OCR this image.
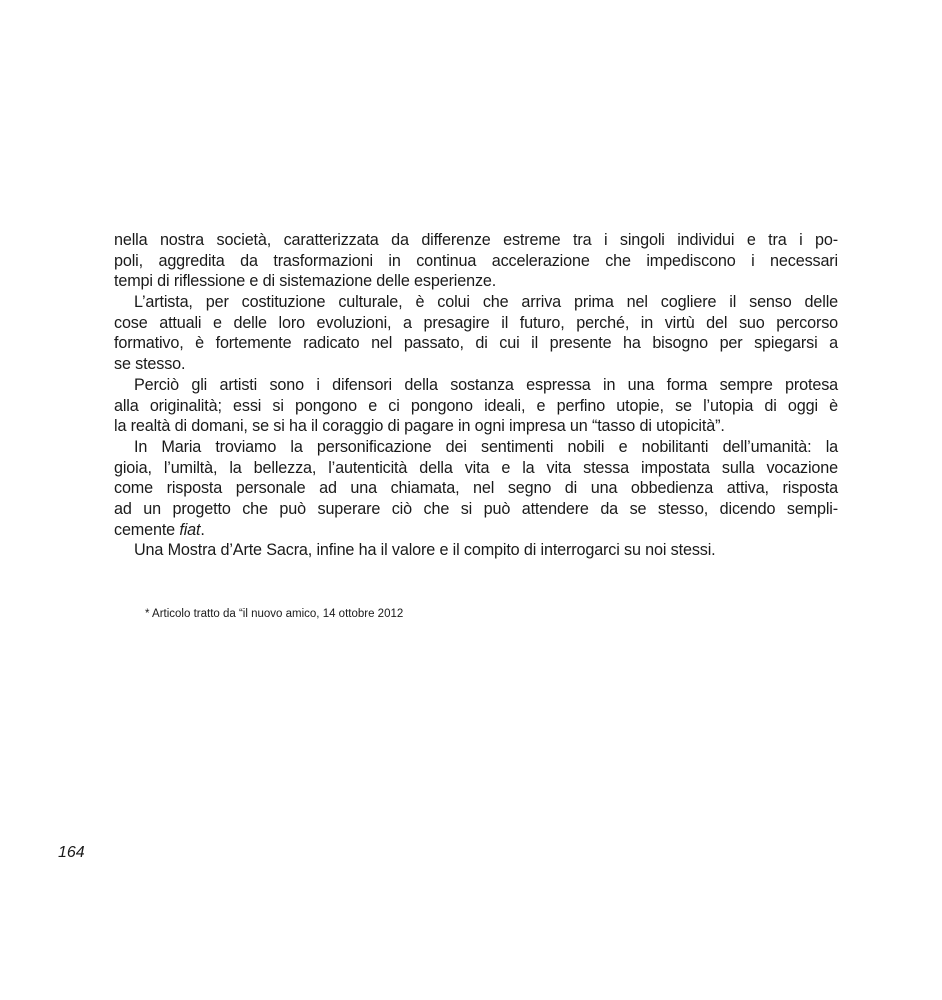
nella nostra società, caratterizzata da differenze estreme tra i singoli individui e tra i po-
poli, aggredita da trasformazioni in continua accelerazione che impediscono i necessari
tempi di riflessione e di sistemazione delle esperienze.
L’artista, per costituzione culturale, è colui che arriva prima nel cogliere il senso delle
cose attuali e delle loro evoluzioni, a presagire il futuro, perché, in virtù del suo percorso
formativo, è fortemente radicato nel passato, di cui il presente ha bisogno per spiegarsi a
se stesso.
Perciò gli artisti sono i difensori della sostanza espressa in una forma sempre protesa
alla originalità; essi si pongono e ci pongono ideali, e perfino utopie, se l’utopia di oggi è
la realtà di domani, se si ha il coraggio di pagare in ogni impresa un “tasso di utopicità”.
In Maria troviamo la personificazione dei sentimenti nobili e nobilitanti dell’umanità: la
gioia, l’umiltà, la bellezza, l’autenticità della vita e la vita stessa impostata sulla vocazione
come risposta personale ad una chiamata, nel segno di una obbedienza attiva, risposta
ad un progetto che può superare ciò che si può attendere da se stesso, dicendo sempli-
cemente fiat.
Una Mostra d’Arte Sacra, infine ha il valore e il compito di interrogarci su noi stessi.
* Articolo tratto da “il nuovo amico, 14 ottobre 2012
164
